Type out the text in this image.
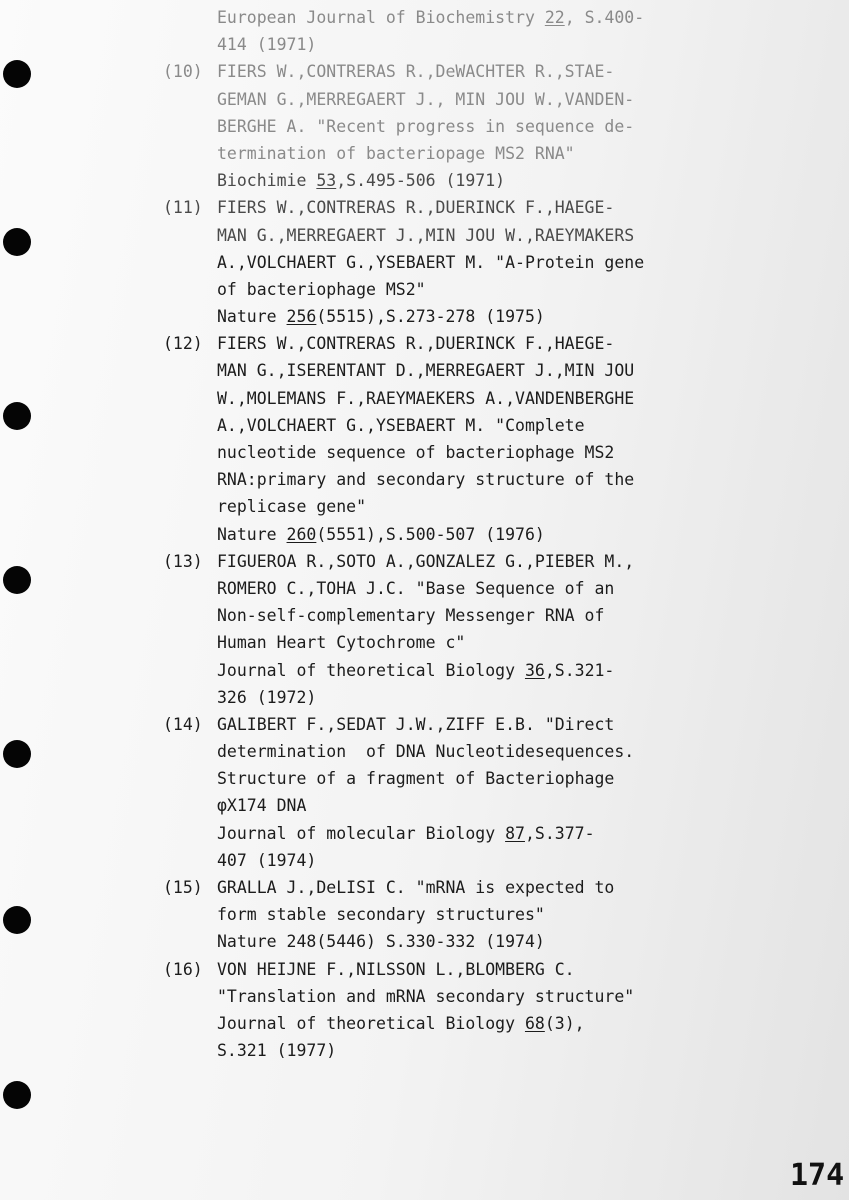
European Journal of Biochemistry 22, S.400-
414 (1971)
(10) FIERS W.,CONTRERAS R.,DeWACHTER R.,STAE-
GEMAN G.,MERREGAERT J., MIN JOU W.,VANDEN-
BERGHE A. "Recent progress in sequence de-
termination of bacteriopage MS2 RNA"
Biochimie 53,S.495-506 (1971)
(11) FIERS W.,CONTRERAS R.,DUERINCK F.,HAEGE-
MAN G.,MERREGAERT J.,MIN JOU W.,RAEYMAKERS
A.,VOLCHAERT G.,YSEBAERT M. "A-Protein gene
of bacteriophage MS2"
Nature 256(5515),S.273-278 (1975)
(12) FIERS W.,CONTRERAS R.,DUERINCK F.,HAEGE-
MAN G.,ISERENTANT D.,MERREGAERT J.,MIN JOU
W.,MOLEMANS F.,RAEYMAEKERS A.,VANDENBERGHE
A.,VOLCHAERT G.,YSEBAERT M. "Complete
nucleotide sequence of bacteriophage MS2
RNA:primary and secondary structure of the
replicase gene"
Nature 260(5551),S.500-507 (1976)
(13) FIGUEROA R.,SOTO A.,GONZALEZ G.,PIEBER M.,
ROMERO C.,TOHA J.C. "Base Sequence of an
Non-self-complementary Messenger RNA of
Human Heart Cytochrome c"
Journal of theoretical Biology 36,S.321-
326 (1972)
(14) GALIBERT F.,SEDAT J.W.,ZIFF E.B. "Direct
determination  of DNA Nucleotidesequences.
Structure of a fragment of Bacteriophage
φX174 DNA
Journal of molecular Biology 87,S.377-
407 (1974)
(15) GRALLA J.,DeLISI C. "mRNA is expected to
form stable secondary structures"
Nature 248(5446) S.330-332 (1974)
(16) VON HEIJNE F.,NILSSON L.,BLOMBERG C.
"Translation and mRNA secondary structure"
Journal of theoretical Biology 68(3),
S.321 (1977)
174
